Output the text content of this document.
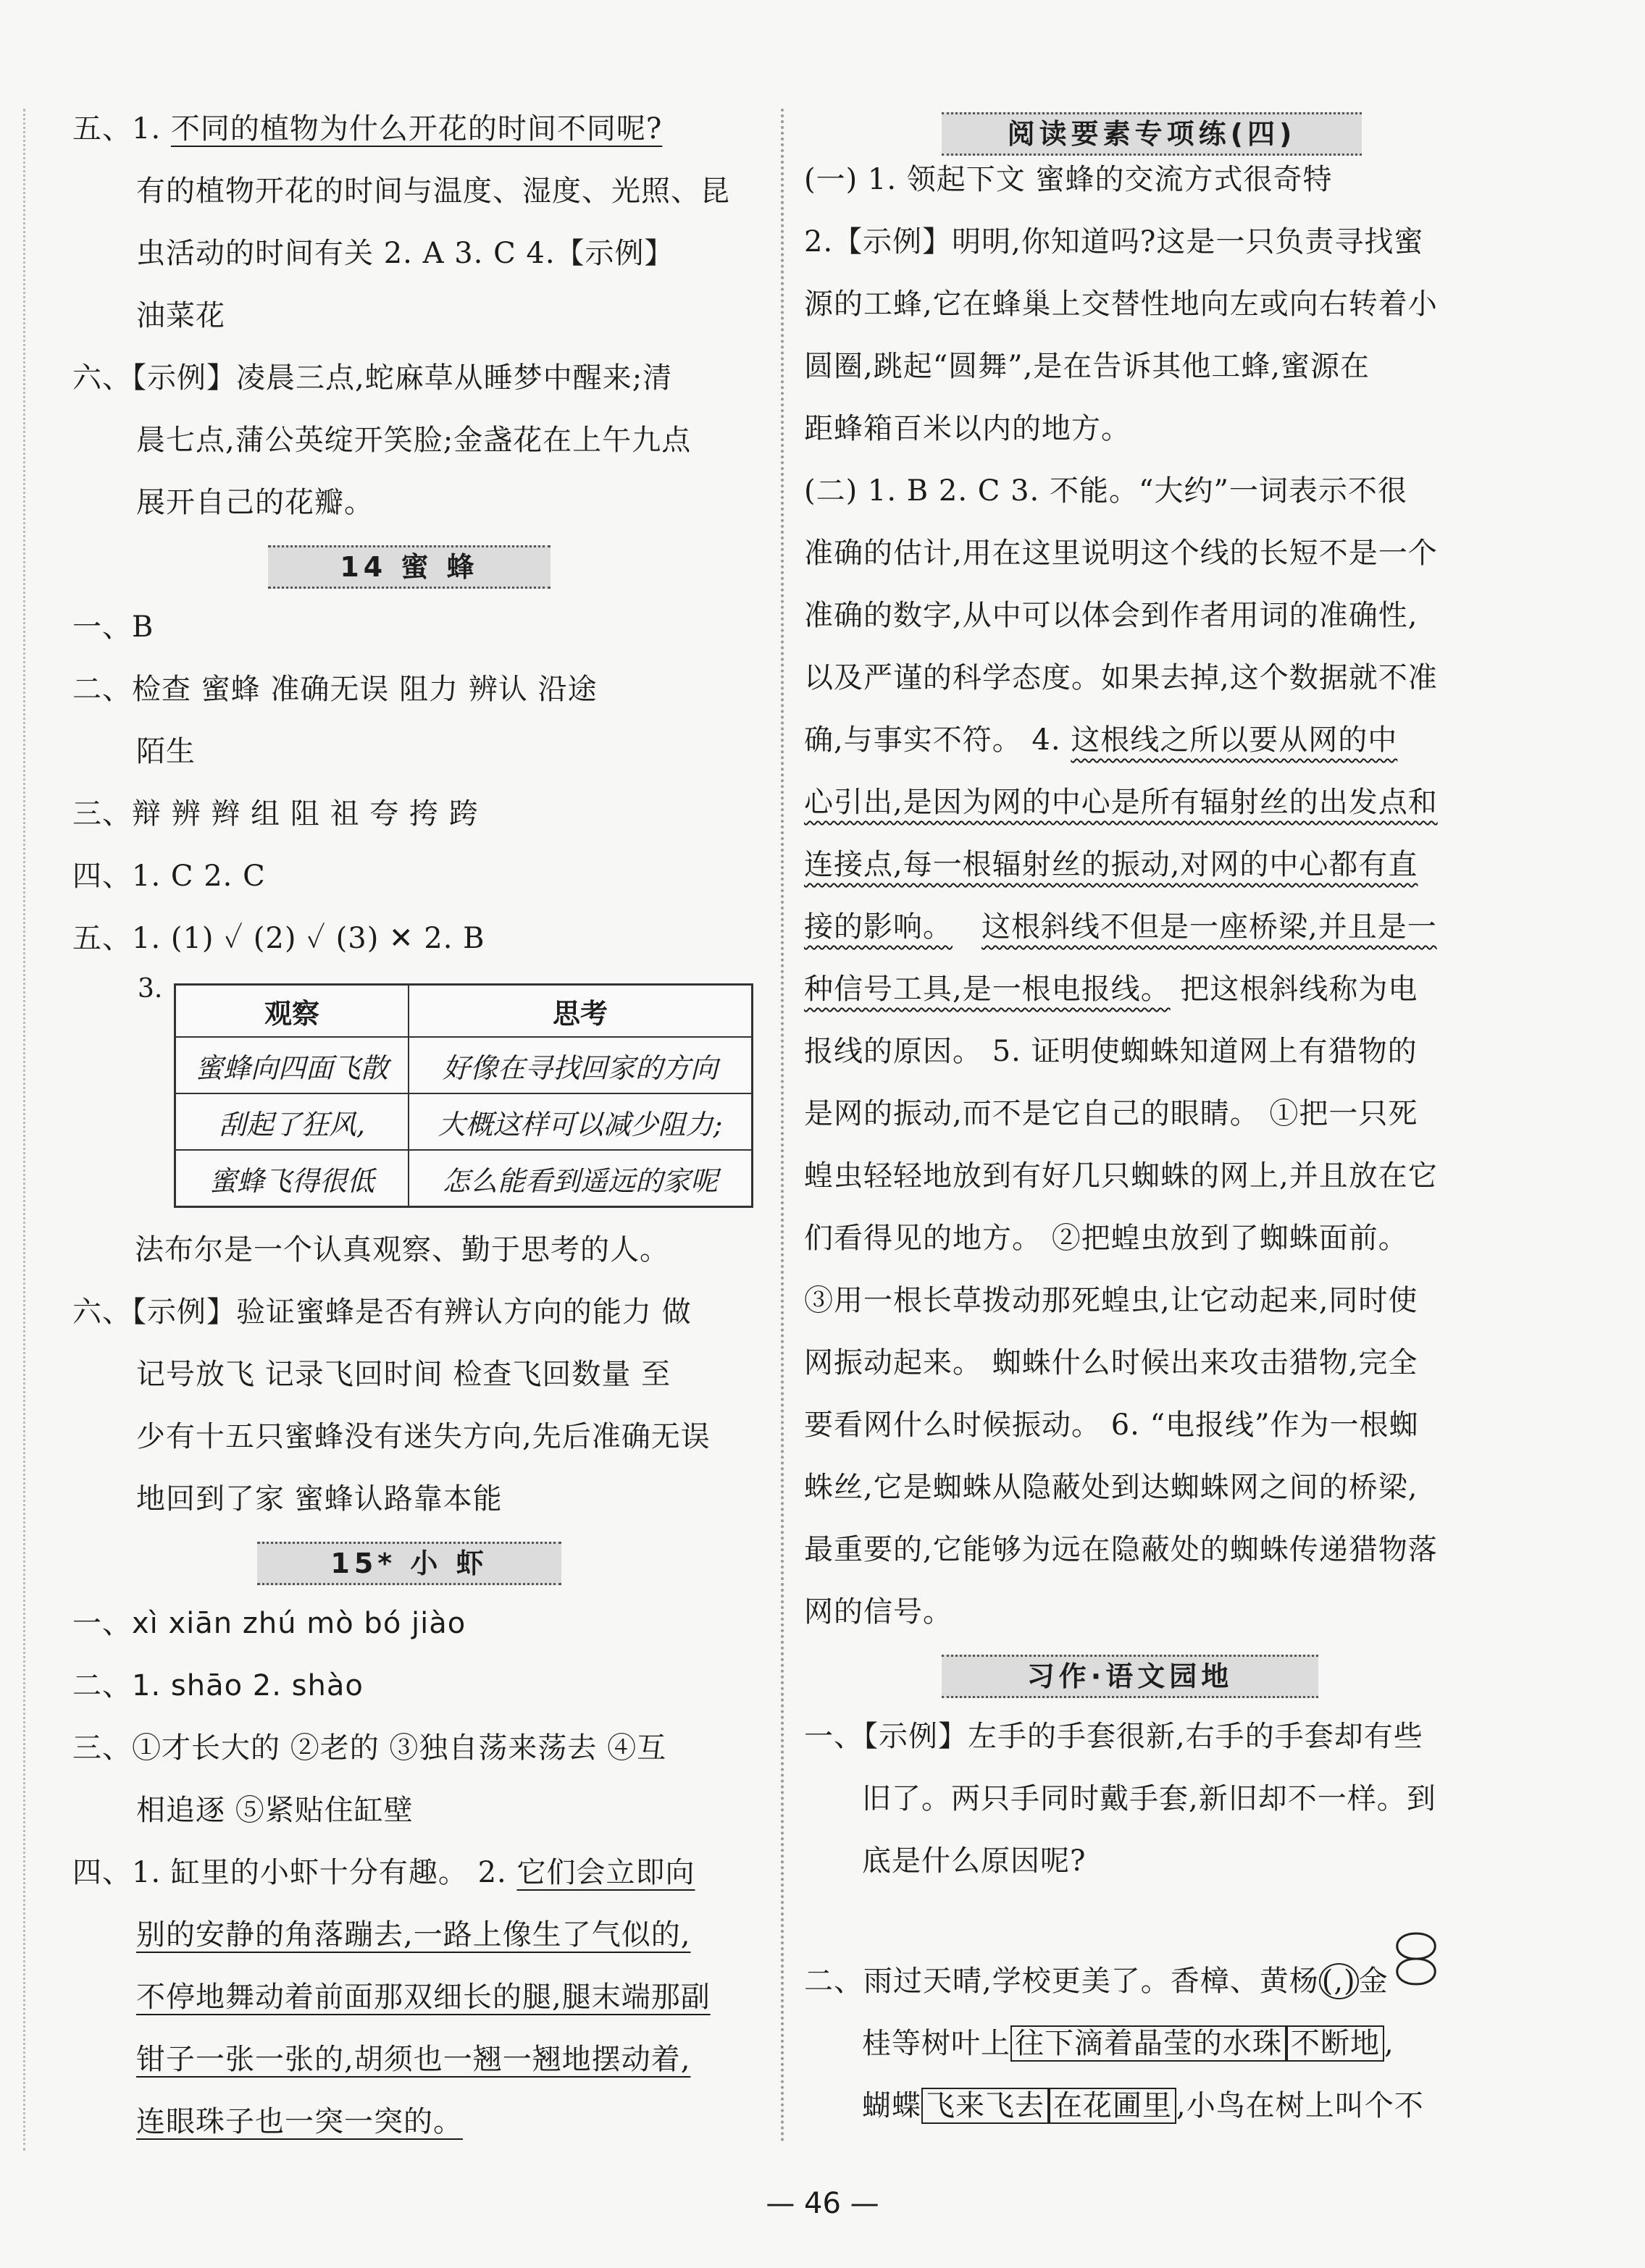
五、1. 不同的植物为什么开花的时间不同呢?
有的植物开花的时间与温度、湿度、光照、昆
虫活动的时间有关 2. A 3. C 4.【示例】
油菜花
六、【示例】凌晨三点,蛇麻草从睡梦中醒来;清
晨七点,蒲公英绽开笑脸;金盏花在上午九点
展开自己的花瓣。
14 蜜 蜂
一、B
二、检查 蜜蜂 准确无误 阻力 辨认 沿途
陌生
三、辩 辨 辫 组 阻 祖 夸 挎 跨
四、1. C 2. C
五、1. (1) ✓ (2) ✓ (3) ✕ 2. B
法布尔是一个认真观察、勤于思考的人。
六、【示例】验证蜜蜂是否有辨认方向的能力 做
记号放飞 记录飞回时间 检查飞回数量 至
少有十五只蜜蜂没有迷失方向,先后准确无误
地回到了家 蜜蜂认路靠本能
15* 小 虾
一、xì xiān zhú mò bó jiào
二、1. shāo 2. shào
三、①才长大的 ②老的 ③独自荡来荡去 ④互
相追逐 ⑤紧贴住缸壁
四、1. 缸里的小虾十分有趣。 2. 它们会立即向
别的安静的角落蹦去,一路上像生了气似的,
不停地舞动着前面那双细长的腿,腿末端那副
钳子一张一张的,胡须也一翘一翘地摆动着,
连眼珠子也一突一突的。
3.
观察	思考
蜜蜂向四面飞散	好像在寻找回家的方向
刮起了狂风,	大概这样可以减少阻力;
蜜蜂飞得很低	怎么能看到遥远的家呢
阅读要素专项练(四)
(一) 1. 领起下文 蜜蜂的交流方式很奇特
2.【示例】明明,你知道吗?这是一只负责寻找蜜
源的工蜂,它在蜂巢上交替性地向左或向右转着小
圆圈,跳起“圆舞”,是在告诉其他工蜂,蜜源在
距蜂箱百米以内的地方。
(二) 1. B 2. C 3. 不能。“大约”一词表示不很
准确的估计,用在这里说明这个线的长短不是一个
准确的数字,从中可以体会到作者用词的准确性,
以及严谨的科学态度。如果去掉,这个数据就不准
确,与事实不符。 4. 这根线之所以要从网的中
心引出,是因为网的中心是所有辐射丝的出发点和
连接点,每一根辐射丝的振动,对网的中心都有直
接的影响。 这根斜线不但是一座桥梁,并且是一
种信号工具,是一根电报线。 把这根斜线称为电
报线的原因。 5. 证明使蜘蛛知道网上有猎物的
是网的振动,而不是它自己的眼睛。 ①把一只死
蝗虫轻轻地放到有好几只蜘蛛的网上,并且放在它
们看得见的地方。 ②把蝗虫放到了蜘蛛面前。
③用一根长草拨动那死蝗虫,让它动起来,同时使
网振动起来。 蜘蛛什么时候出来攻击猎物,完全
要看网什么时候振动。 6. “电报线”作为一根蜘
蛛丝,它是蜘蛛从隐蔽处到达蜘蛛网之间的桥梁,
最重要的,它能够为远在隐蔽处的蜘蛛传递猎物落
网的信号。
习作·语文园地
一、【示例】左手的手套很新,右手的手套却有些
旧了。两只手同时戴手套,新旧却不一样。到
底是什么原因呢?
二、雨过天晴,学校更美了。香樟、黄杨 (,) 金
桂等树叶上 往下滴着晶莹的水珠 不断地 ,
蝴蝶 飞来飞去 在花圃里 ,小鸟在树上叫个不
— 46 —
